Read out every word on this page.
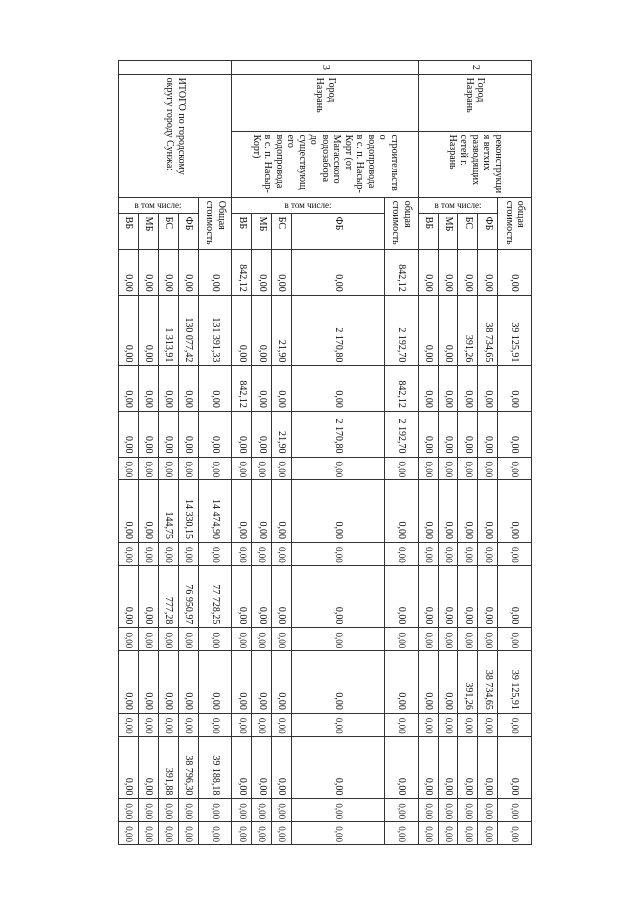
2	Город Назрань	реконструкция ветхих разводящих сетей г. Назрань	общая стоимость		0,00	39 125,91	0,00	0,00	0,00	0,00	0,00	0,00	0,00	39 125,91	0,00	0,00	0,00	0,00

			в том числе:	ФБ	0,00	38 734,65	0,00	0,00	0,00	0,00	0,00	0,00	0,00	38 734,65	0,00	0,00	0,00	0,00
				БС	0,00	391,26	0,00	0,00	0,00	0,00	0,00	0,00	0,00	391,26	0,00	0,00	0,00	0,00
				МБ	0,00	0,00	0,00	0,00	0,00	0,00	0,00	0,00	0,00	0,00	0,00	0,00	0,00	0,00
				ВБ	0,00	0,00	0,00	0,00	0,00	0,00	0,00	0,00	0,00	0,00	0,00	0,00	0,00	0,00
3	Город Назрань	строительство водопровода в с. п. Насыр-Корт (от Магасского водозабора до существующего водопровода в с. п. Насыр-Корт)	общая стоимость		842,12	2 192,70	842,12	2 192,70	0,00	0,00	0,00	0,00	0,00	0,00	0,00	0,00	0,00	0,00

			в том числе:	ФБ	0,00	2 170,80	0,00	2 170,80	0,00	0,00	0,00	0,00	0,00	0,00	0,00	0,00	0,00	0,00
				БС	0,00	21,90	0,00	21,90	0,00	0,00	0,00	0,00	0,00	0,00	0,00	0,00	0,00	0,00
				МБ	0,00	0,00	0,00	0,00	0,00	0,00	0,00	0,00	0,00	0,00	0,00	0,00	0,00	0,00
				ВБ	842,12	0,00	842,12	0,00	0,00	0,00	0,00	0,00	0,00	0,00	0,00	0,00	0,00	0,00
	ИТОГО по городскому округу городу Сунжа:		Общая стоимость		0,00	131 391,33	0,00	0,00	0,00	14 474,90	0,00	77 728,25	0,00	0,00	0,00	39 188,18	0,00	0,00

			в том числе:	ФБ	0,00	130 077,42	0,00	0,00	0,00	14 330,15	0,00	76 950,97	0,00	0,00	0,00	38 796,30	0,00	0,00
				БС	0,00	1 313,91	0,00	0,00	0,00	144,75	0,00	777,28	0,00	0,00	0,00	391,88	0,00	0,00
				МБ	0,00	0,00	0,00	0,00	0,00	0,00	0,00	0,00	0,00	0,00	0,00	0,00	0,00	0,00
				ВБ	0,00	0,00	0,00	0,00	0,00	0,00	0,00	0,00	0,00	0,00	0,00	0,00	0,00	0,00
